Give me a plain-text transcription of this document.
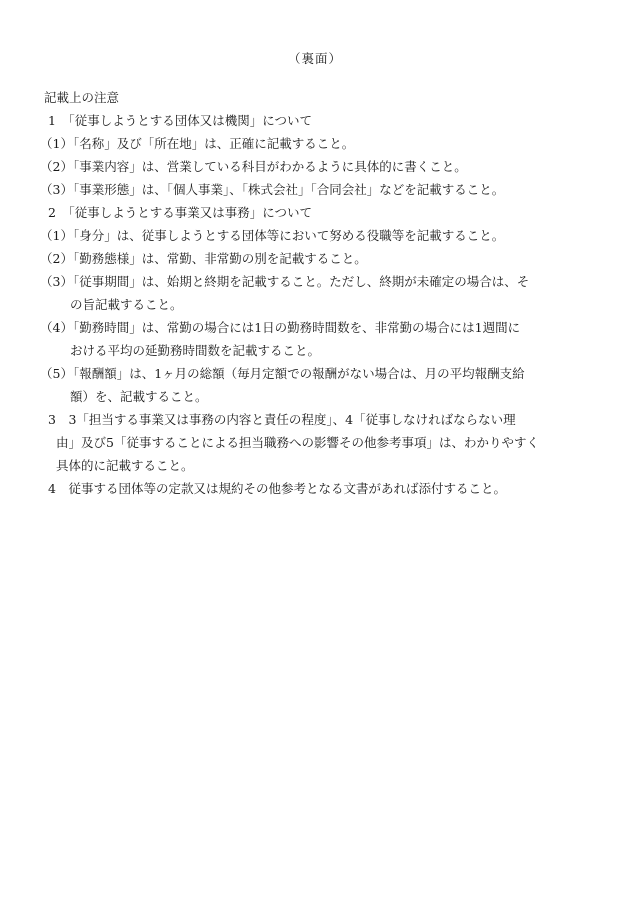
（裏面）
記載上の注意
1　「従事しようとする団体又は機関」について
（1）「名称」及び「所在地」は、正確に記載すること。
（2）「事業内容」は、営業している科目がわかるように具体的に書くこと。
（3）「事業形態」は、「個人事業」、「株式会社」「合同会社」などを記載すること。
2　「従事しようとする事業又は事務」について
（1）「身分」は、従事しようとする団体等において努める役職等を記載すること。
（2）「勤務態様」は、常勤、非常勤の別を記載すること。
（3）「従事期間」は、始期と終期を記載すること。ただし、終期が未確定の場合は、そ
の旨記載すること。
（4）「勤務時間」は、常勤の場合には1日の勤務時間数を、非常勤の場合には1週間に
おける平均の延勤務時間数を記載すること。
（5）「報酬額」は、1ヶ月の総額（毎月定額での報酬がない場合は、月の平均報酬支給
額）を、記載すること。
3　3「担当する事業又は事務の内容と責任の程度」、4「従事しなければならない理
由」及び5「従事することによる担当職務への影響その他参考事項」は、わかりやすく
具体的に記載すること。
4　従事する団体等の定款又は規約その他参考となる文書があれば添付すること。
